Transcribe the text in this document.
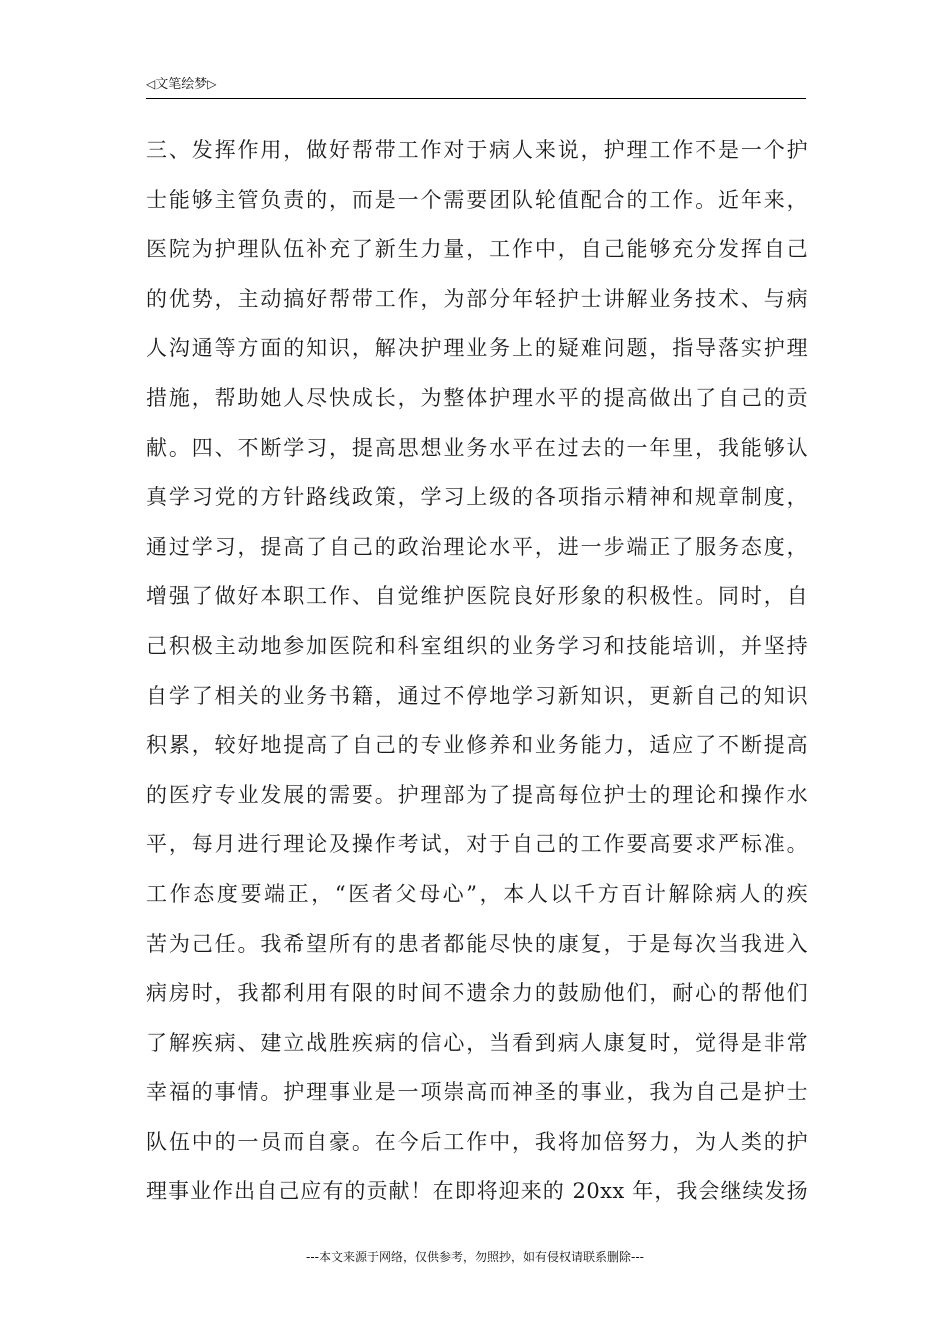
◁文笔绘梦▷
三、发挥作用，做好帮带工作对于病人来说，护理工作不是一个护
士能够主管负责的，而是一个需要团队轮值配合的工作。近年来，
医院为护理队伍补充了新生力量，工作中，自己能够充分发挥自己
的优势，主动搞好帮带工作，为部分年轻护士讲解业务技术、与病
人沟通等方面的知识，解决护理业务上的疑难问题，指导落实护理
措施，帮助她人尽快成长，为整体护理水平的提高做出了自己的贡
献。四、不断学习，提高思想业务水平在过去的一年里，我能够认
真学习党的方针路线政策，学习上级的各项指示精神和规章制度，
通过学习，提高了自己的政治理论水平，进一步端正了服务态度，
增强了做好本职工作、自觉维护医院良好形象的积极性。同时，自
己积极主动地参加医院和科室组织的业务学习和技能培训，并坚持
自学了相关的业务书籍，通过不停地学习新知识，更新自己的知识
积累，较好地提高了自己的专业修养和业务能力，适应了不断提高
的医疗专业发展的需要。护理部为了提高每位护士的理论和操作水
平，每月进行理论及操作考试，对于自己的工作要高要求严标准。
工作态度要端正，“医者父母心”，本人以千方百计解除病人的疾
苦为己任。我希望所有的患者都能尽快的康复，于是每次当我进入
病房时，我都利用有限的时间不遗余力的鼓励他们，耐心的帮他们
了解疾病、建立战胜疾病的信心，当看到病人康复时，觉得是非常
幸福的事情。护理事业是一项崇高而神圣的事业，我为自己是护士
队伍中的一员而自豪。在今后工作中，我将加倍努力，为人类的护
理事业作出自己应有的贡献！在即将迎来的 20xx 年，我会继续发扬
---本文来源于网络，仅供参考，勿照抄，如有侵权请联系删除---
